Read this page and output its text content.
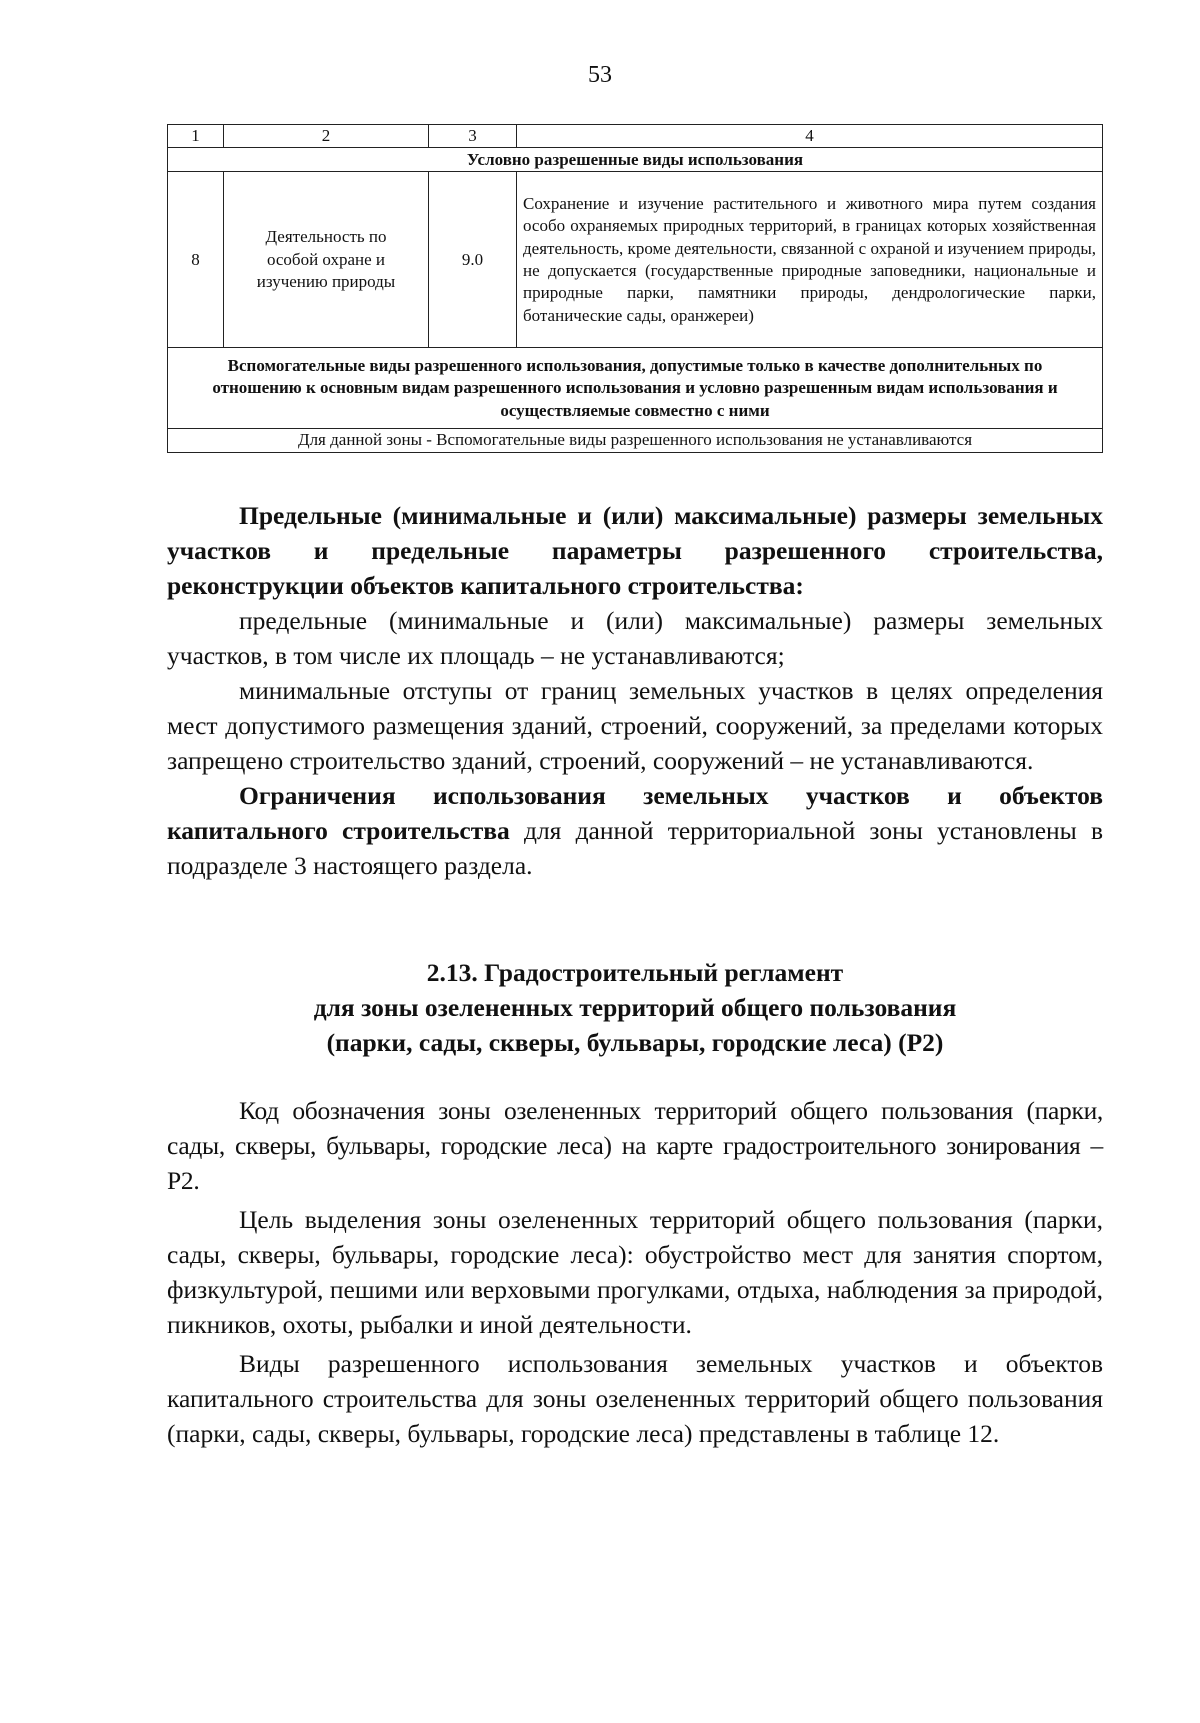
53
1	2	3	4
Условно разрешенные виды использования			
8	Деятельность по особой охране и изучению природы	9.0	Сохранение и изучение растительного и животного мира путем создания особо охраняемых природных территорий, в границах которых хозяйственная деятельность, кроме деятельности, связанной с охраной и изучением природы, не допускается (государственные природные заповедники, национальные и природные парки, памятники природы, дендрологические парки, ботанические сады, оранжереи)
Вспомогательные виды разрешенного использования, допустимые только в качестве дополнительных по отношению к основным видам разрешенного использования и условно разрешенным видам использования и осуществляемые совместно с ними			
Для данной зоны - Вспомогательные виды разрешенного использования не устанавливаются			

Предельные (минимальные и (или) максимальные) размеры земельных участков и предельные параметры разрешенного строительства, реконструкции объектов капитального строительства:

предельные (минимальные и (или) максимальные) размеры земельных участков, в том числе их площадь – не устанавливаются;

минимальные отступы от границ земельных участков в целях определения мест допустимого размещения зданий, строений, сооружений, за пределами которых запрещено строительство зданий, строений, сооружений – не устанавливаются.

Ограничения использования земельных участков и объектов капитального строительства для данной территориальной зоны установлены в подразделе 3 настоящего раздела.

2.13. Градостроительный регламент

для зоны озелененных территорий общего пользования

(парки, сады, скверы, бульвары, городские леса) (Р2)

Код обозначения зоны озелененных территорий общего пользования (парки, сады, скверы, бульвары, городские леса) на карте градостроительного зонирования – Р2.

Цель выделения зоны озелененных территорий общего пользования (парки, сады, скверы, бульвары, городские леса): обустройство мест для занятия спортом, физкультурой, пешими или верховыми прогулками, отдыха, наблюдения за природой, пикников, охоты, рыбалки и иной деятельности.

Виды разрешенного использования земельных участков и объектов капитального строительства для зоны озелененных территорий общего пользования (парки, сады, скверы, бульвары, городские леса) представлены в таблице 12.
